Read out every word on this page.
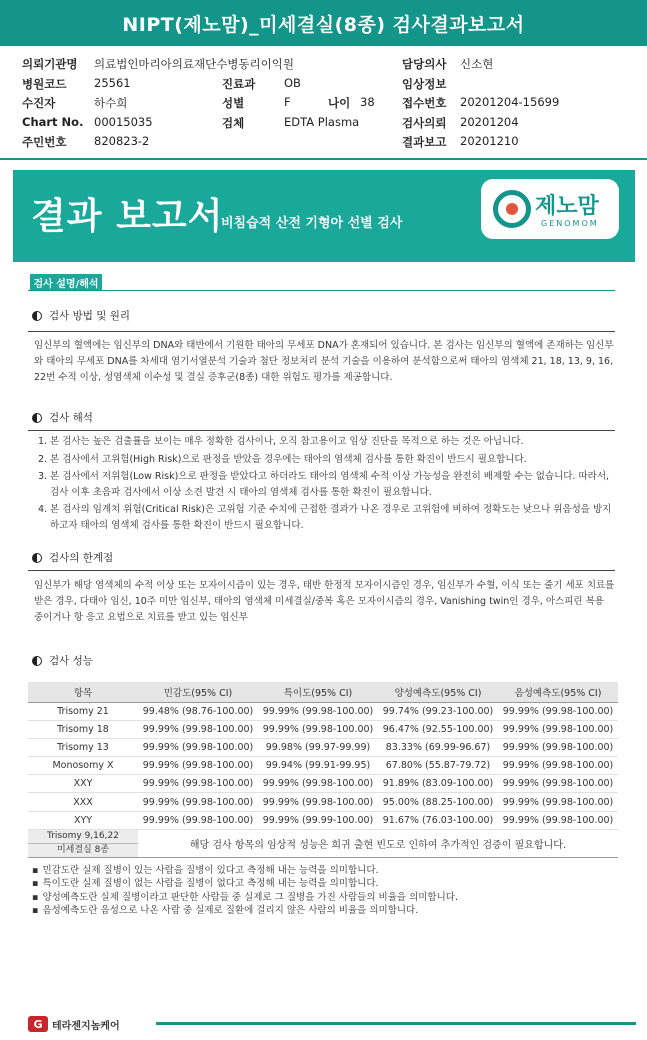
NIPT(제노맘)_미세결실(8종) 검사결과보고서
의뢰기관명 의료법인마리아의료재단수병동리이익원	담당의사 신소현
병원코드 25561	진료과 OB	임상정보
수진자	하수희	성별	F	나이 38 접수번호 20201204-15699
Chart No. 00015035	검체	EDTA Plasma	검사의뢰 20201204
주민번호 820823-2	결과보고 20201210
결과 보고서
비침습적 산전 기형아 선별 검사
제노맘
GENOMOM
검사 설명/해석
검사 방법 및 원리
임신부의 혈액에는 임신부의 DNA와 태반에서 기원한 태아의 무세포 DNA가 혼재되어 있습니다. 본 검사는 임신부의 혈액에 존재하는 임신부와 태아의 무세포 DNA를 차세대 염기서열분석 기술과 첨단 정보처리 분석 기술을 이용하여 분석함으로써 태아의 염색체 21, 18, 13, 9, 16, 22번 수적 이상, 성염색체 이수성 및 결실 증후군(8종) 대한 위험도 평가를 제공합니다.
검사 해석
1. 본 검사는 높은 검출률을 보이는 매우 정확한 검사이나, 오직 참고용이고 임상 진단을 목적으로 하는 것은 아닙니다.
2. 본 검사에서 고위험(High Risk)으로 판정을 받았을 경우에는 태아의 염색체 검사를 통한 확진이 반드시 필요합니다.
3. 본 검사에서 저위험(Low Risk)으로 판정을 받았다고 하더라도 태아의 염색체 수적 이상 가능성을 완전히 배제할 수는 없습니다. 따라서, 검사 이후 초음파 검사에서 이상 소견 발견 시 태아의 염색체 검사를 통한 확진이 필요합니다.
4. 본 검사의 임계치 위험(Critical Risk)은 고위험 기준 수치에 근접한 결과가 나온 경우로 고위험에 비하여 정확도는 낮으나 위음성을 방지하고자 태아의 염색체 검사를 통한 확진이 반드시 필요합니다.
검사의 한계점
임신부가 해당 염색체의 수적 이상 또는 모자이시즘이 있는 경우, 태반 한정적 모자이시즘인 경우, 임신부가 수혈, 이식 또는 줄기 세포 치료를 받은 경우, 다태아 임신, 10주 미만 임신부, 태아의 염색체 미세결실/중복 혹은 모자이시즘의 경우, Vanishing twin인 경우, 아스피린 복용 중이거나 항 응고 요법으로 치료를 받고 있는 임신부
검사 성능
항목	민감도(95% CI)	특이도(95% CI)	양성예측도(95% CI)	음성예측도(95% CI)
Trisomy 21	99.48% (98.76-100.00)	99.99% (99.98-100.00)	99.74% (99.23-100.00)	99.99% (99.98-100.00)
Trisomy 18	99.99% (99.98-100.00)	99.99% (99.98-100.00)	96.47% (92.55-100.00)	99.99% (99.98-100.00)
Trisomy 13	99.99% (99.98-100.00)	99.98% (99.97-99.99)	83.33% (69.99-96.67)	99.99% (99.98-100.00)
Monosomy X	99.99% (99.98-100.00)	99.94% (99.91-99.95)	67.80% (55.87-79.72)	99.99% (99.98-100.00)
XXY	99.99% (99.98-100.00)	99.99% (99.98-100.00)	91.89% (83.09-100.00)	99.99% (99.98-100.00)
XXX	99.99% (99.98-100.00)	99.99% (99.98-100.00)	95.00% (88.25-100.00)	99.99% (99.98-100.00)
XYY	99.99% (99.98-100.00)	99.99% (99.99-100.00)	91.67% (76.03-100.00)	99.99% (99.98-100.00)

Trisomy 9,16,22
미세결실 8종	해당 검사 항목의 임상적 성능은 희귀 출현 빈도로 인하여 추가적인 검증이 필요합니다.			
▪ 민감도란 실제 질병이 있는 사람을 질병이 있다고 측정해 내는 능력을 의미합니다.
▪ 특이도란 실제 질병이 없는 사람을 질병이 없다고 측정해 내는 능력을 의미합니다.
▪ 양성예측도란 실제 질병이라고 판단한 사람들 중 실제로 그 질병을 가진 사람들의 비율을 의미합니다.
▪ 음성예측도란 음성으로 나온 사람 중 실제로 질환에 걸리지 않은 사람의 비율을 의미합니다.
G 테라젠지놈케어
